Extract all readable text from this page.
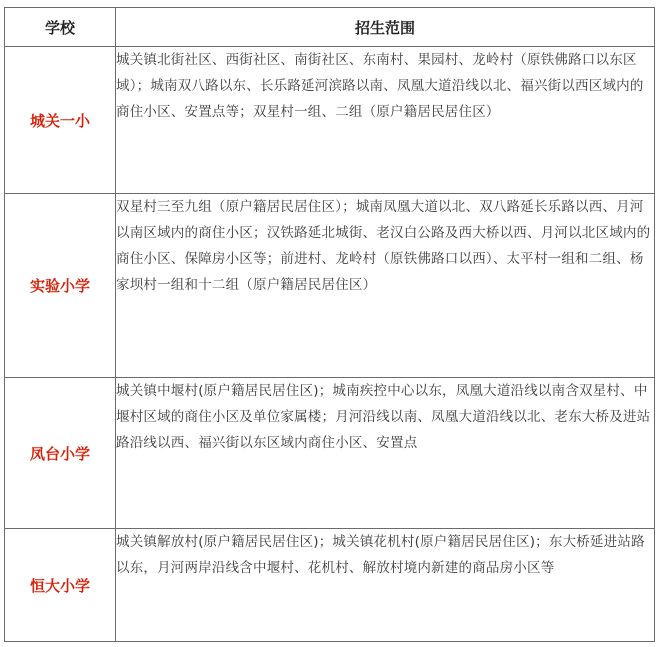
学校	招生范围
城关一小	城关镇北街社区、西街社区、南街社区、东南村、果园村、龙岭村（原铁佛路口以东区域）；城南双八路以东、长乐路延河滨路以南、凤凰大道沿线以北、福兴街以西区域内的商住小区、安置点等；双星村一组、二组（原户籍居民居住区）
实验小学	双星村三至九组（原户籍居民居住区）；城南凤凰大道以北、双八路延长乐路以西、月河以南区域内的商住小区；汉铁路延北城街、老汉白公路及西大桥以西、月河以北区域内的商住小区、保障房小区等；前进村、龙岭村（原铁佛路口以西）、太平村一组和二组、杨家坝村一组和十二组（原户籍居民居住区）
凤台小学	城关镇中堰村(原户籍居民居住区)；城南疾控中心以东，凤凰大道沿线以南含双星村、中堰村区域的商住小区及单位家属楼；月河沿线以南、凤凰大道沿线以北、老东大桥及进站路沿线以西、福兴街以东区域内商住小区、安置点
恒大小学	城关镇解放村(原户籍居民居住区)；城关镇花机村(原户籍居民居住区)；东大桥延进站路以东，月河两岸沿线含中堰村、花机村、解放村境内新建的商品房小区等
